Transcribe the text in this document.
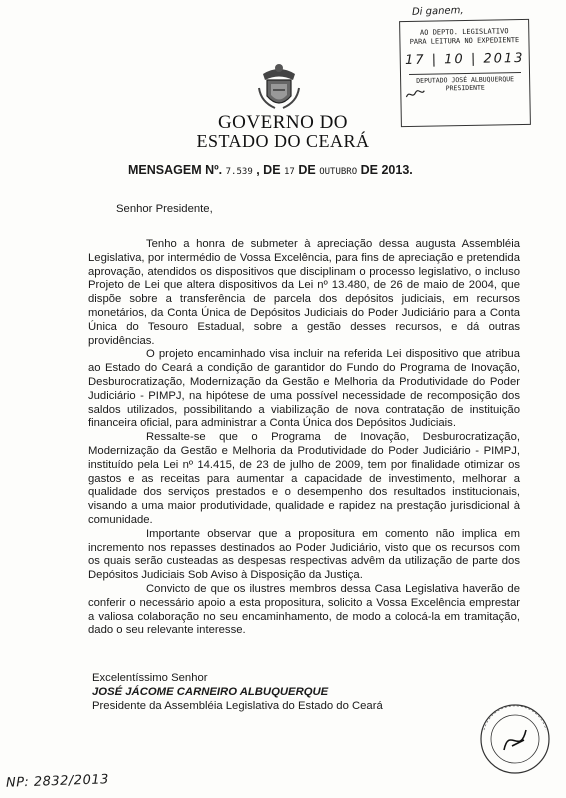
Di ganem,
AO DEPTO. LEGISLATIVO
PARA LEITURA NO EXPEDIENTE
17 | 10 | 2013
DEPUTADO JOSÉ ALBUQUERQUE
PRESIDENTE
GOVERNO DO
ESTADO DO CEARÁ
MENSAGEM Nº. 7.539 , DE 17 DE OUTUBRO DE 2013.
Senhor Presidente,

Tenho a honra de submeter à apreciação dessa augusta Assembléia Legislativa, por intermédio de Vossa Excelência, para fins de apreciação e pretendida aprovação, atendidos os dispositivos que disciplinam o processo legislativo, o incluso Projeto de Lei que altera dispositivos da Lei nº 13.480, de 26 de maio de 2004, que dispõe sobre a transferência de parcela dos depósitos judiciais, em recursos monetários, da Conta Única de Depósitos Judiciais do Poder Judiciário para a Conta Única do Tesouro Estadual, sobre a gestão desses recursos, e dá outras providências.

O projeto encaminhado visa incluir na referida Lei dispositivo que atribua ao Estado do Ceará a condição de garantidor do Fundo do Programa de Inovação, Desburocratização, Modernização da Gestão e Melhoria da Produtividade do Poder Judiciário - PIMPJ, na hipótese de uma possível necessidade de recomposição dos saldos utilizados, possibilitando a viabilização de nova contratação de instituição financeira oficial, para administrar a Conta Única dos Depósitos Judiciais.

Ressalte-se que o Programa de Inovação, Desburocratização, Modernização da Gestão e Melhoria da Produtividade do Poder Judiciário - PIMPJ, instituído pela Lei nº 14.415, de 23 de julho de 2009, tem por finalidade otimizar os gastos e as receitas para aumentar a capacidade de investimento, melhorar a qualidade dos serviços prestados e o desempenho dos resultados institucionais, visando a uma maior produtividade, qualidade e rapidez na prestação jurisdicional à comunidade.

Importante observar que a propositura em comento não implica em incremento nos repasses destinados ao Poder Judiciário, visto que os recursos com os quais serão custeadas as despesas respectivas advêm da utilização de parte dos Depósitos Judiciais Sob Aviso à Disposição da Justiça.

Convicto de que os ilustres membros dessa Casa Legislativa haverão de conferir o necessário apoio a esta propositura, solicito a Vossa Excelência emprestar a valiosa colaboração no seu encaminhamento, de modo a colocá-la em tramitação, dado o seu relevante interesse.

Excelentíssimo Senhor
JOSÉ JÁCOME CARNEIRO ALBUQUERQUE
Presidente da Assembléia Legislativa do Estado do Ceará
NP: 2832/2013
